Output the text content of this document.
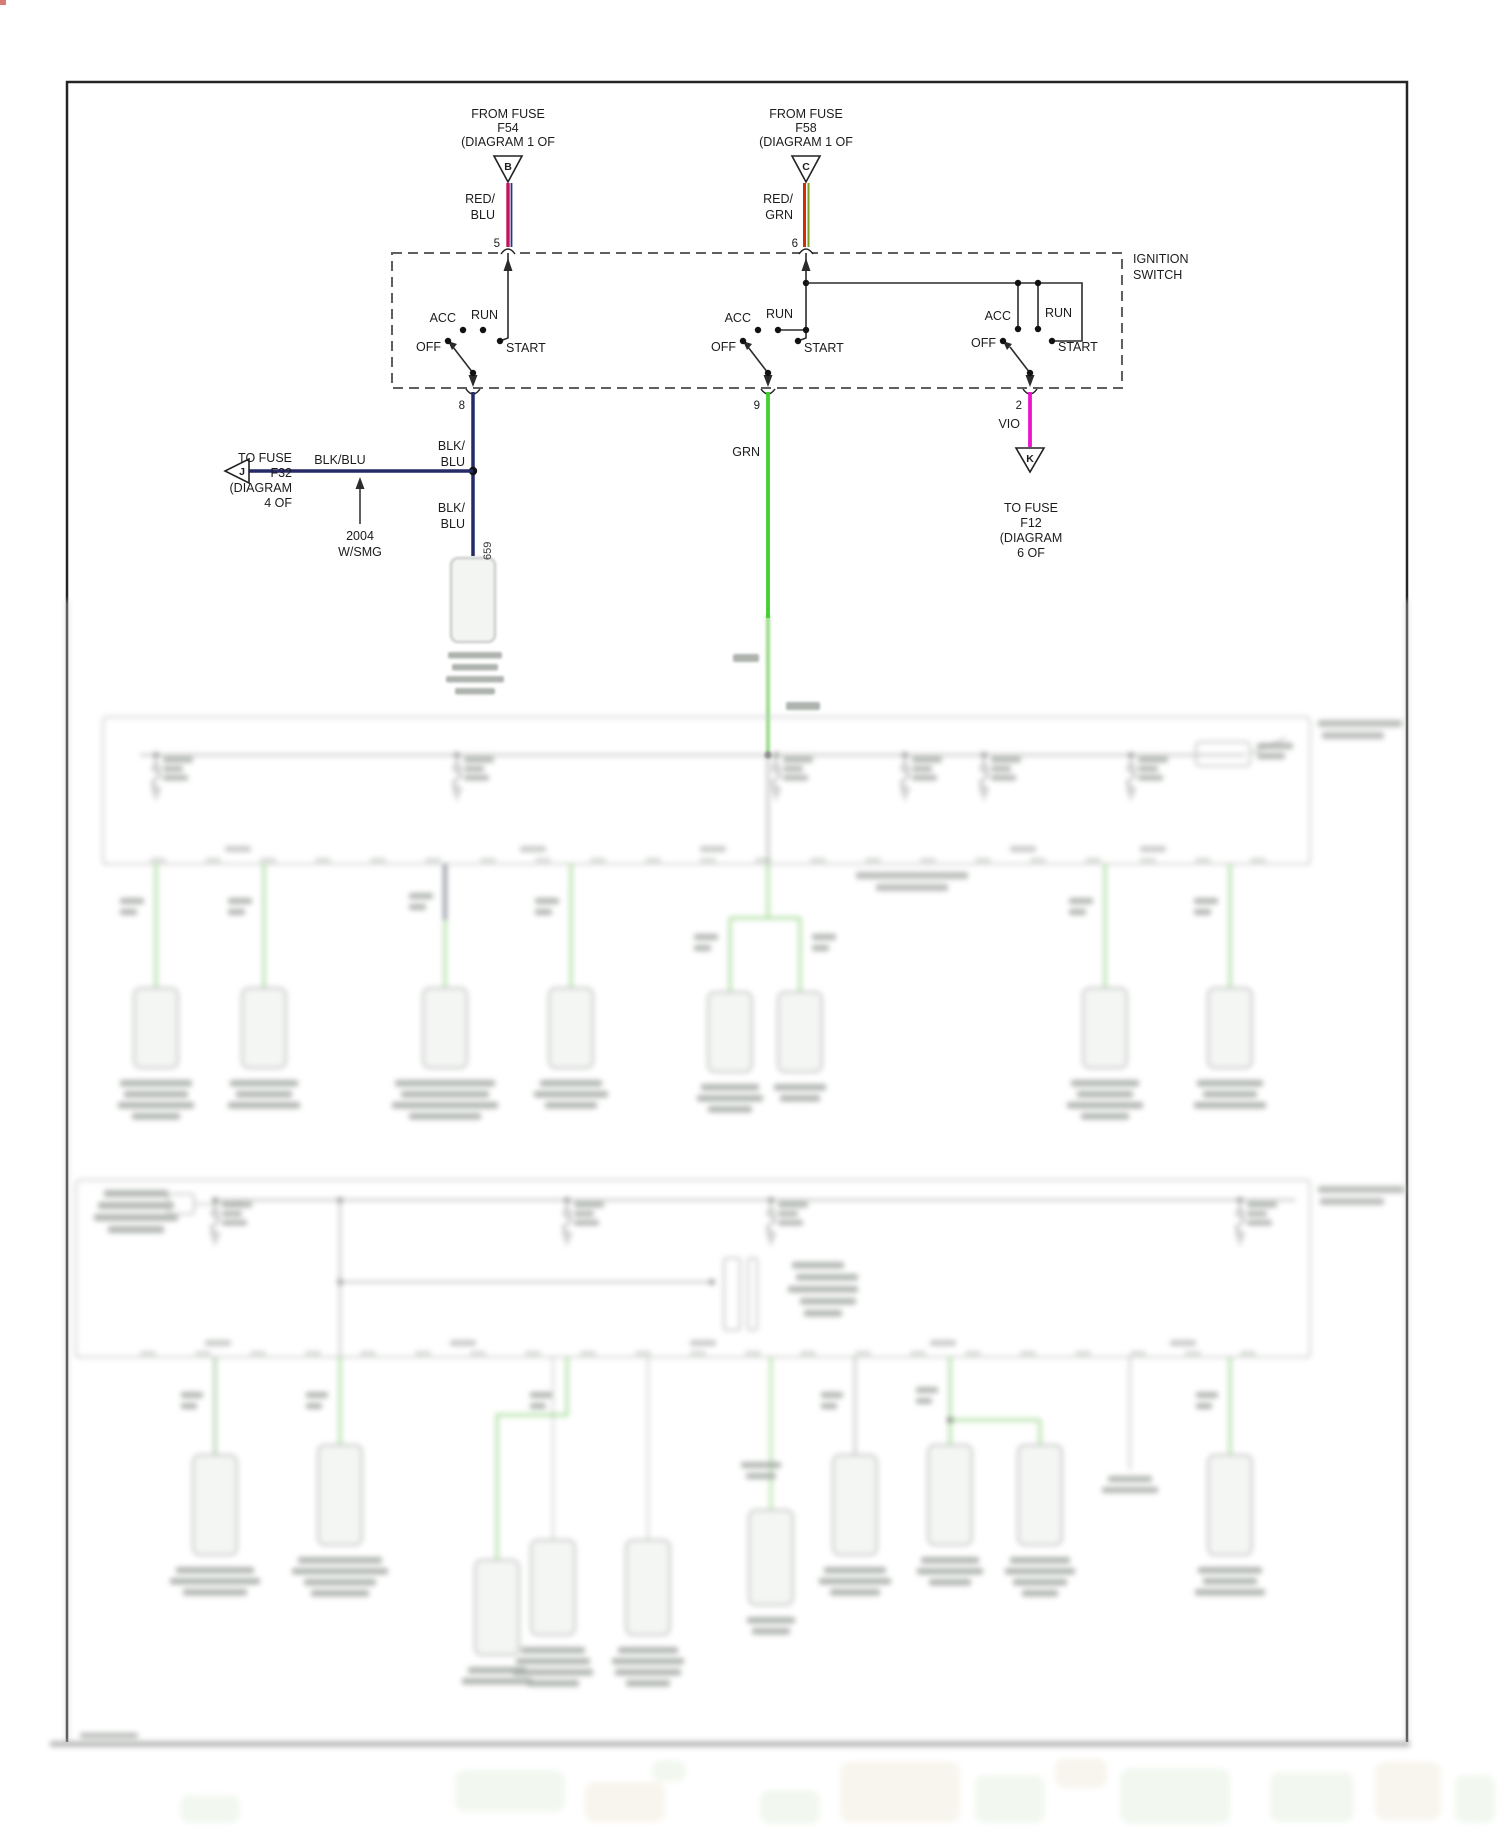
FROM FUSE
F54
(DIAGRAM 1 OF
B
RED/
BLU
5
FROM FUSE
F58
(DIAGRAM 1 OF
C
RED/
GRN
6
IGNITION
SWITCH
ACC RUN
OFF	START
ACC RUN
OFF	START
ACC	RUN
OFF	START
8
BLK/
BLU
BLK/
BLU
659
BLK/BLU
J
TO FUSE
F32
(DIAGRAM
4 OF
2004
W/SMG
9
GRN
2
VIO
K
TO FUSE
F12
(DIAGRAM
6 OF
